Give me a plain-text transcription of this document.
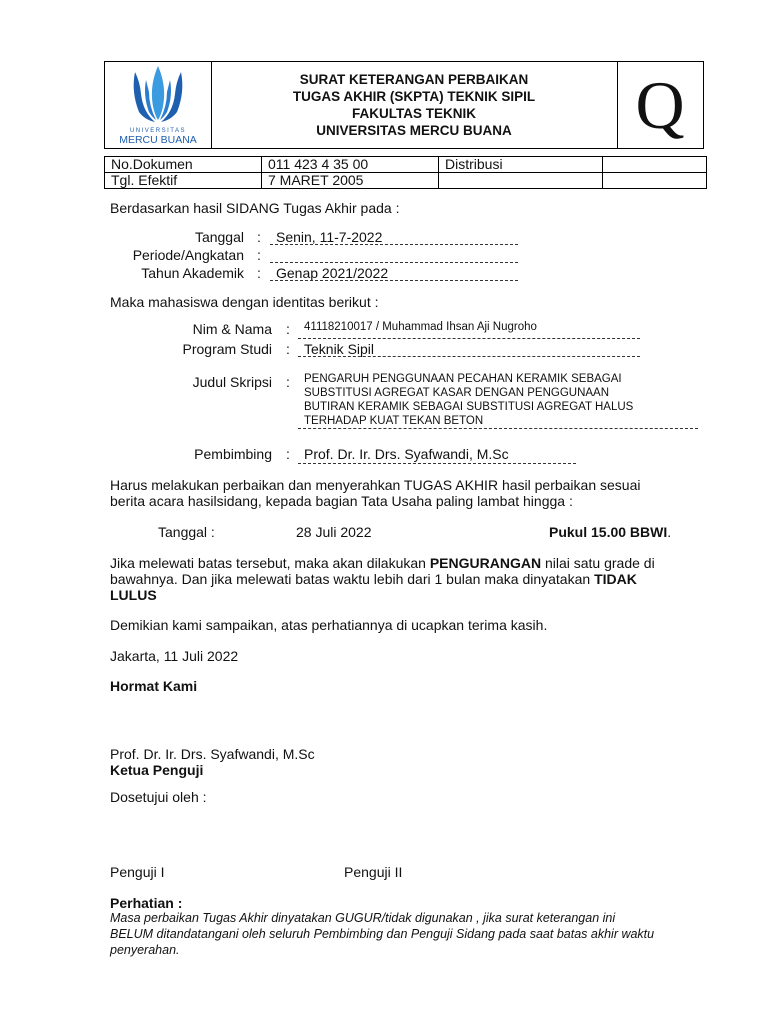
UNIVERSITAS
MERCU BUANA
SURAT KETERANGAN PERBAIKAN
TUGAS AKHIR (SKPTA) TEKNIK SIPIL
FAKULTAS TEKNIK
UNIVERSITAS MERCU BUANA Q
No.Dokumen	011 423 4 35 00	Distribusi	
Tgl. Efektif	7 MARET 2005		
Berdasarkan hasil SIDANG Tugas Akhir pada :
Tanggal : Senin, 11-7-2022
Periode/Angkatan :
Tahun Akademik : Genap 2021/2022
Maka mahasiswa dengan identitas berikut :
Nim & Nama : 41118210017 / Muhammad Ihsan Aji Nugroho
Program Studi : Teknik Sipil
Judul Skripsi : PENGARUH PENGGUNAAN PECAHAN KERAMIK SEBAGAI
SUBSTITUSI AGREGAT KASAR DENGAN PENGGUNAAN
BUTIRAN KERAMIK SEBAGAI SUBSTITUSI AGREGAT HALUS
TERHADAP KUAT TEKAN BETON
Pembimbing : Prof. Dr. Ir. Drs. Syafwandi, M.Sc
Harus melakukan perbaikan dan menyerahkan TUGAS AKHIR hasil perbaikan sesuai
berita acara hasilsidang, kepada bagian Tata Usaha paling lambat hingga :
Tanggal :	28 Juli 2022	Pukul 15.00 BBWI.
Jika melewati batas tersebut, maka akan dilakukan PENGURANGAN nilai satu grade di
bawahnya. Dan jika melewati batas waktu lebih dari 1 bulan maka dinyatakan TIDAK
LULUS
Demikian kami sampaikan, atas perhatiannya di ucapkan terima kasih.
Jakarta, 11 Juli 2022
Hormat Kami
Prof. Dr. Ir. Drs. Syafwandi, M.Sc
Ketua Penguji
Dosetujui oleh :
Penguji I	Penguji II
Perhatian :
Masa perbaikan Tugas Akhir dinyatakan GUGUR/tidak digunakan , jika surat keterangan ini
BELUM ditandatangani oleh seluruh Pembimbing dan Penguji Sidang pada saat batas akhir waktu
penyerahan.
